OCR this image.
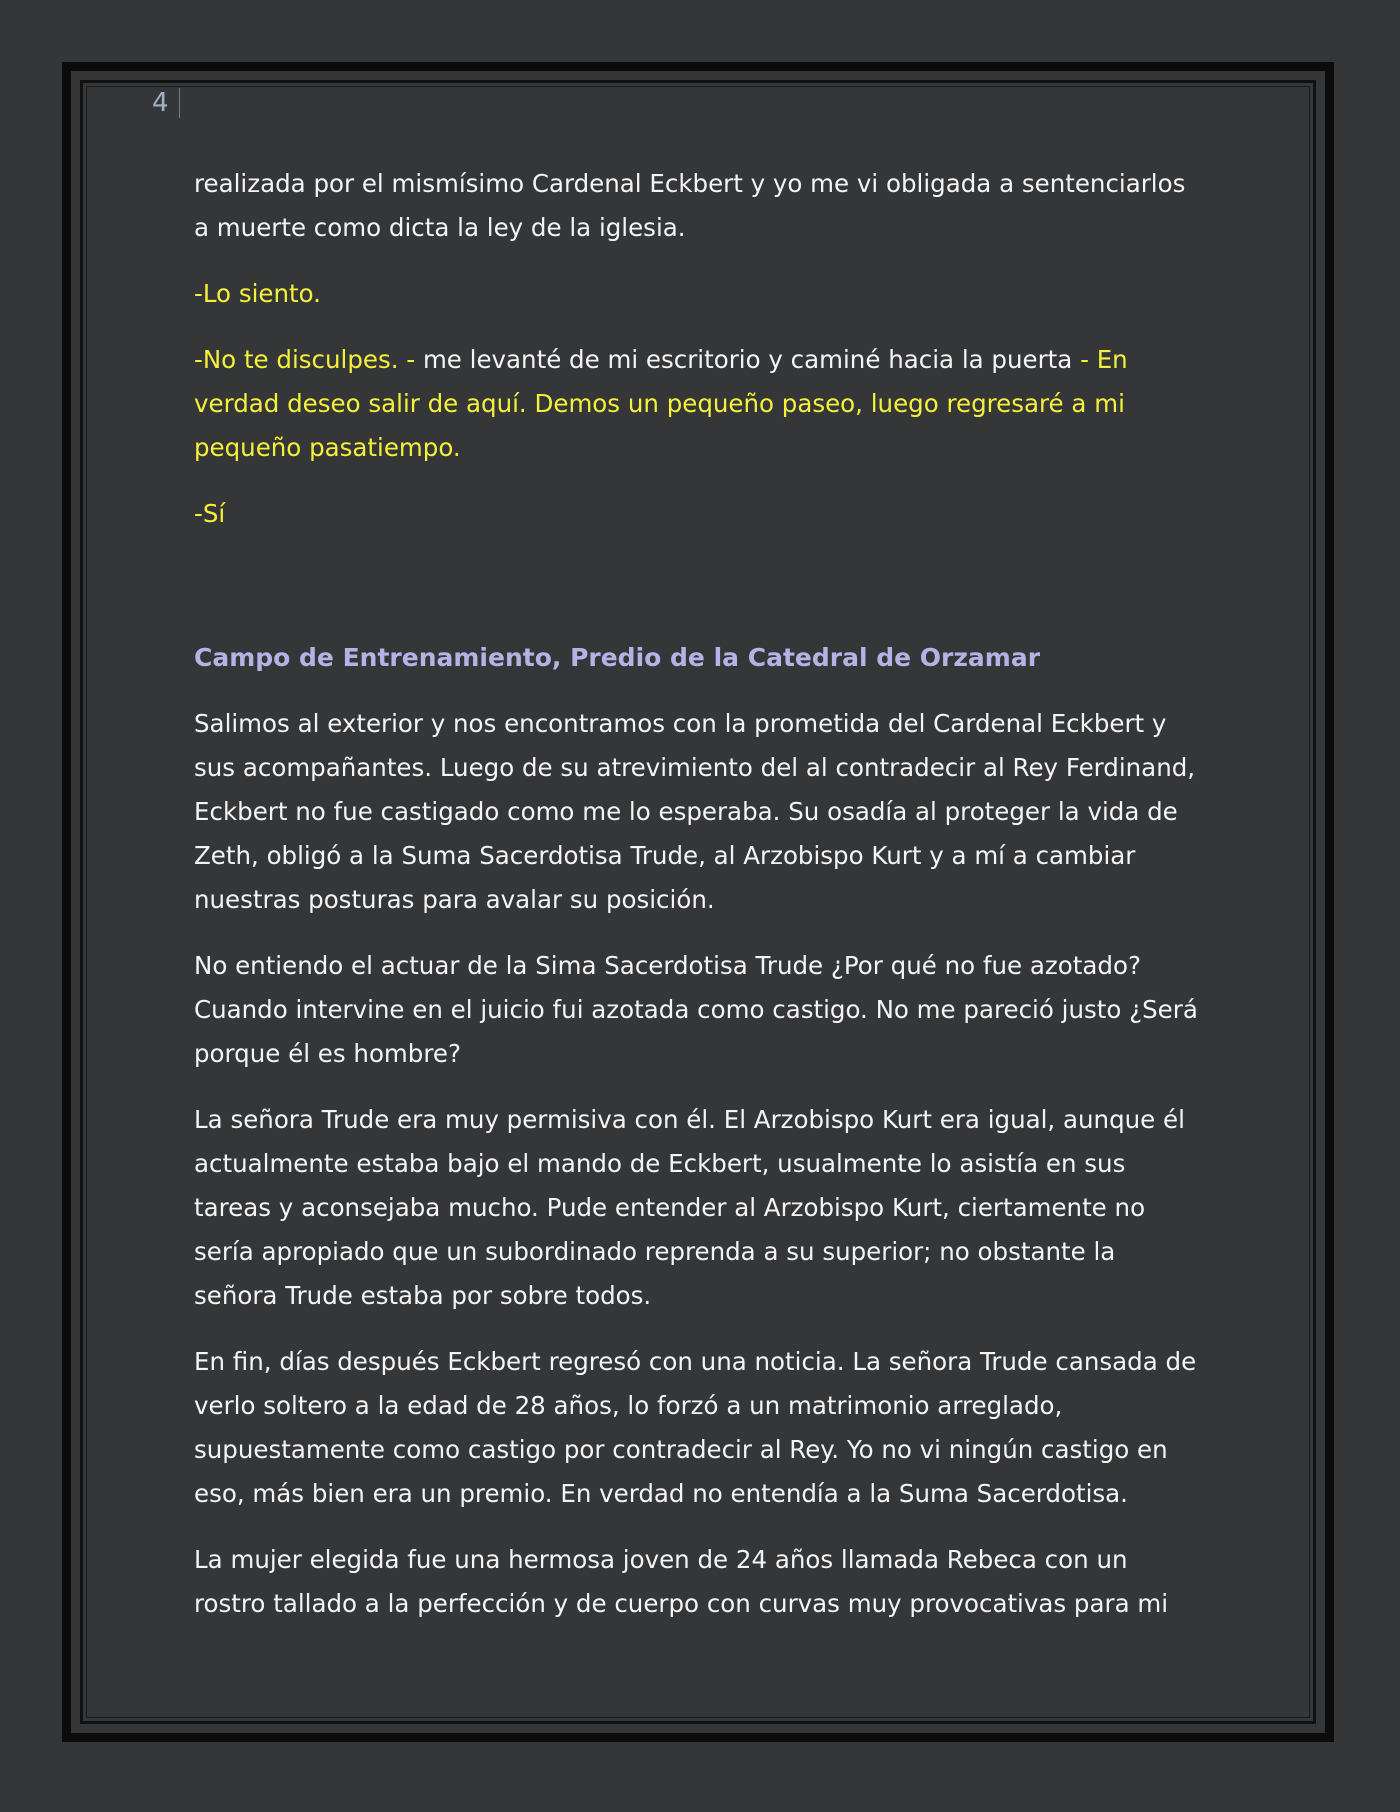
4

realizada por el mismísimo Cardenal Eckbert y yo me vi obligada a sentenciarlos a muerte como dicta la ley de la iglesia.

-Lo siento.

-No te disculpes. - me levanté de mi escritorio y caminé hacia la puerta - En verdad deseo salir de aquí. Demos un pequeño paseo, luego regresaré a mi pequeño pasatiempo.

-Sí

Campo de Entrenamiento, Predio de la Catedral de Orzamar

Salimos al exterior y nos encontramos con la prometida del Cardenal Eckbert y sus acompañantes. Luego de su atrevimiento del al contradecir al Rey Ferdinand, Eckbert no fue castigado como me lo esperaba. Su osadía al proteger la vida de Zeth, obligó a la Suma Sacerdotisa Trude, al Arzobispo Kurt y a mí a cambiar nuestras posturas para avalar su posición.

No entiendo el actuar de la Sima Sacerdotisa Trude ¿Por qué no fue azotado? Cuando intervine en el juicio fui azotada como castigo. No me pareció justo ¿Será porque él es hombre?

La señora Trude era muy permisiva con él. El Arzobispo Kurt era igual, aunque él actualmente estaba bajo el mando de Eckbert, usualmente lo asistía en sus tareas y aconsejaba mucho. Pude entender al Arzobispo Kurt, ciertamente no sería apropiado que un subordinado reprenda a su superior; no obstante la señora Trude estaba por sobre todos.

En fin, días después Eckbert regresó con una noticia. La señora Trude cansada de verlo soltero a la edad de 28 años, lo forzó a un matrimonio arreglado, supuestamente como castigo por contradecir al Rey. Yo no vi ningún castigo en eso, más bien era un premio. En verdad no entendía a la Suma Sacerdotisa.

La mujer elegida fue una hermosa joven de 24 años llamada Rebeca con un rostro tallado a la perfección y de cuerpo con curvas muy provocativas para mi
